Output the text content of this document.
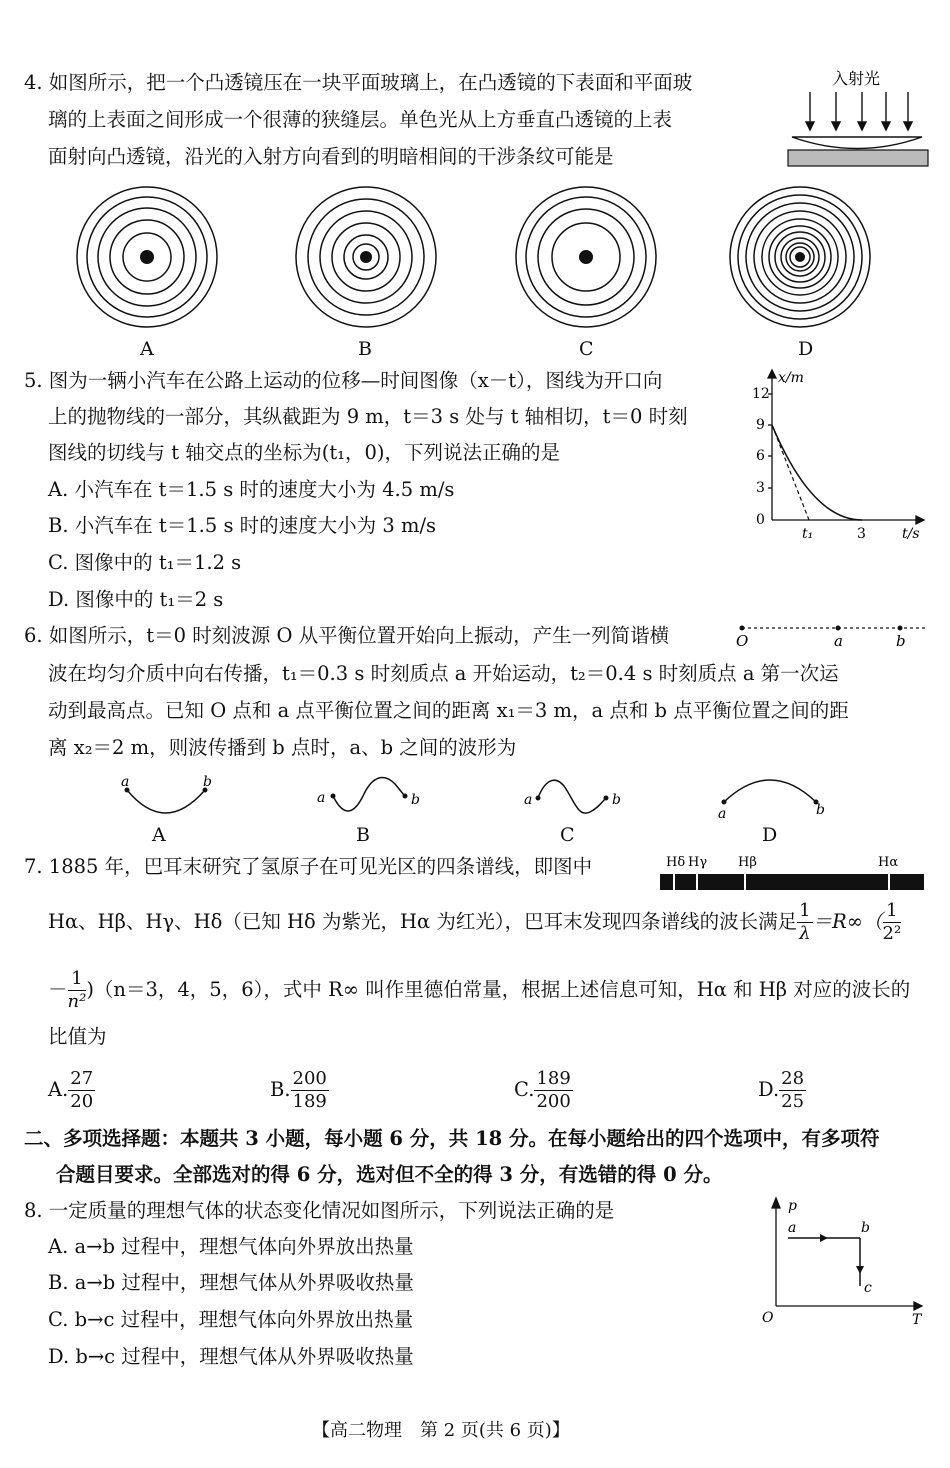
4. 如图所示，把一个凸透镜压在一块平面玻璃上，在凸透镜的下表面和平面玻
璃的上表面之间形成一个很薄的狭缝层。单色光从上方垂直凸透镜的上表
面射向凸透镜，沿光的入射方向看到的明暗相间的干涉条纹可能是
入射光
A	B	C	D
5. 图为一辆小汽车在公路上运动的位移—时间图像（x－t），图线为开口向
上的抛物线的一部分，其纵截距为 9 m，t＝3 s 处与 t 轴相切，t＝0 时刻
图线的切线与 t 轴交点的坐标为(t₁，0)，下列说法正确的是
A. 小汽车在 t＝1.5 s 时的速度大小为 4.5 m/s
B. 小汽车在 t＝1.5 s 时的速度大小为 3 m/s
C. 图像中的 t₁＝1.2 s
D. 图像中的 t₁＝2 s
x/m
12
9
6
3
0
t₁	3	t/s
6. 如图所示，t＝0 时刻波源 O 从平衡位置开始向上振动，产生一列简谐横
波在均匀介质中向右传播，t₁＝0.3 s 时刻质点 a 开始运动，t₂＝0.4 s 时刻质点 a 第一次运
动到最高点。已知 O 点和 a 点平衡位置之间的距离 x₁＝3 m，a 点和 b 点平衡位置之间的距
离 x₂＝2 m，则波传播到 b 点时，a、b 之间的波形为
O	a	b
a	b
a	b	a	b
a	b
A	B	C	D
7. 1885 年，巴耳末研究了氢原子在可见光区的四条谱线，即图中	Hδ Hγ Hβ	Hα
Hα、Hβ、Hγ、Hδ（已知 Hδ 为紫光，Hα 为红光），巴耳末发现四条谱线的波长满足 $\frac{1}{\lambda} =R\infty( \frac{1}{\text{2²}}$
－ $\frac{1}{\text{n²}} )(n=3$，4，5，6），式中 R∞ 叫作里德伯常量，根据上述信息可知，Hα 和 Hβ 对应的波长的
比值为
A. $\frac{27}{20}$	B. $\frac{200}{189}$	C. $\frac{189}{200}$	D. $\frac{28}{25}$
二、多项选择题：本题共 3 小题，每小题 6 分，共 18 分。在每小题给出的四个选项中，有多项符
合题目要求。全部选对的得 6 分，选对但不全的得 3 分，有选错的得 0 分。
8. 一定质量的理想气体的状态变化情况如图所示，下列说法正确的是
A. a→b 过程中，理想气体向外界放出热量
B. a→b 过程中，理想气体从外界吸收热量
C. b→c 过程中，理想气体向外界放出热量
D. b→c 过程中，理想气体从外界吸收热量
p
a	b
c
O	T
【高二物理　第 2 页(共 6 页)】
